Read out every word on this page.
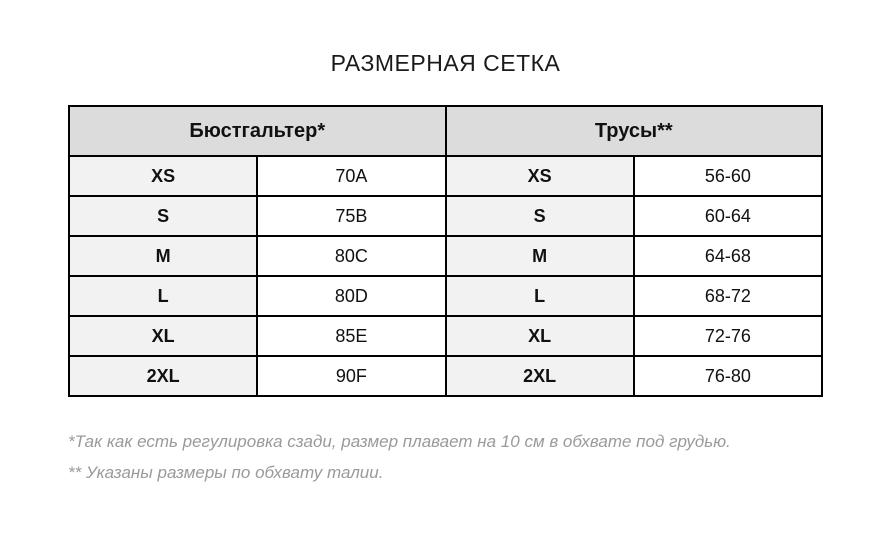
РАЗМЕРНАЯ СЕТКА
Бюстгальтер*		Трусы**	
XS	70A	XS	56-60
S	75B	S	60-64
M	80C	M	64-68
L	80D	L	68-72
XL	85E	XL	72-76
2XL	90F	2XL	76-80

*Так как есть регулировка сзади, размер плавает на 10 см в обхвате под грудью.

** Указаны размеры по обхвату талии.
